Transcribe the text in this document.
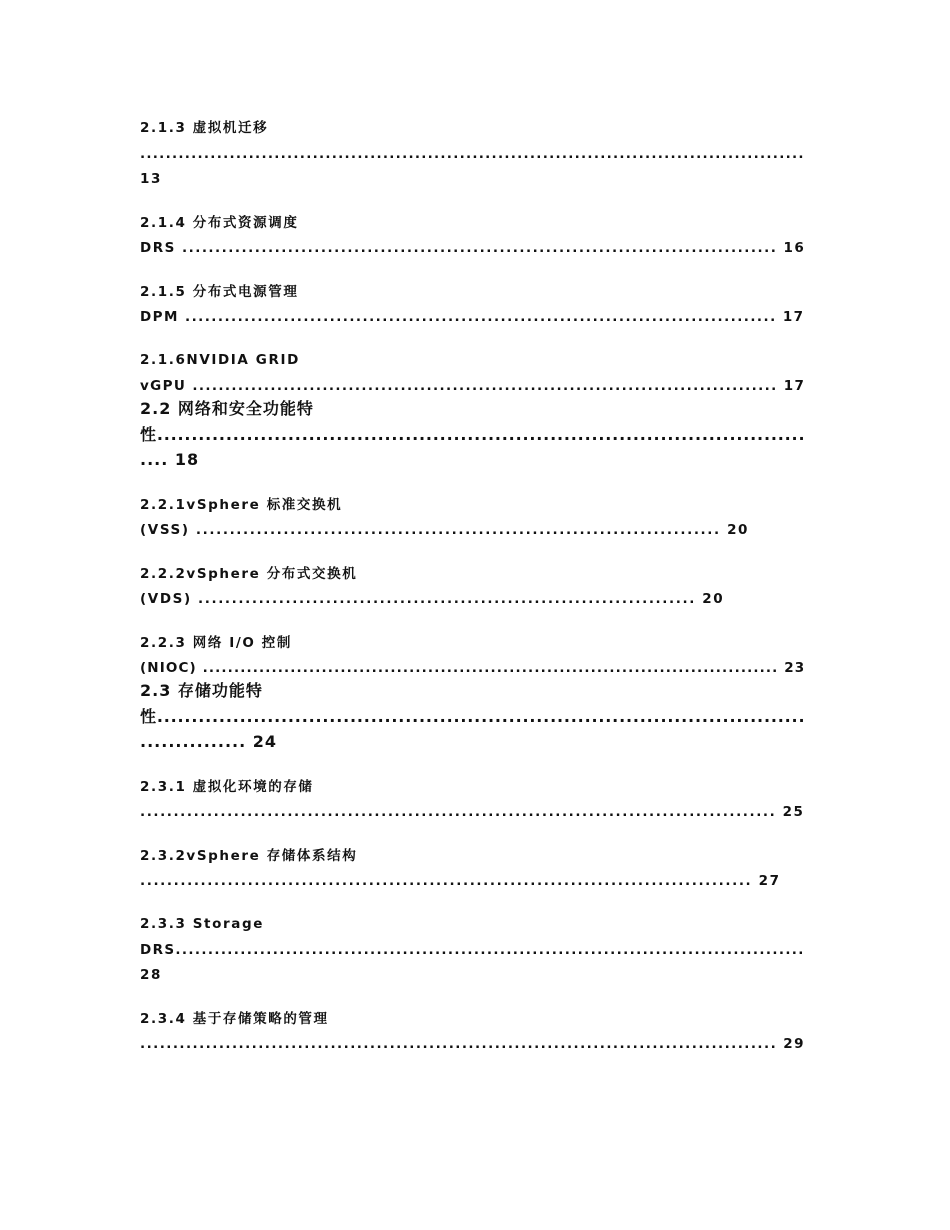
2.1.3 虚拟机迁移
........................................................................................................
13
2.1.4 分布式资源调度
DRS .......................................................................................... 16
2.1.5 分布式电源管理
DPM .......................................................................................... 17
2.1.6NVIDIA GRID
vGPU .......................................................................................... 17
2.2 网络和安全功能特
性..............................................................................................
.... 18
2.2.1vSphere 标准交换机
(VSS) .............................................................................. 20
2.2.2vSphere 分布式交换机
(VDS) .......................................................................... 20
2.2.3 网络 I/O 控制
(NIOC) ............................................................................................ 23
2.3 存储功能特
性..............................................................................................
............... 24
2.3.1 虚拟化环境的存储
............................................................................................... 25
2.3.2vSphere 存储体系结构
........................................................................................... 27
2.3.3 Storage
DRS.................................................................................................
28
2.3.4 基于存储策略的管理
................................................................................................. 29
